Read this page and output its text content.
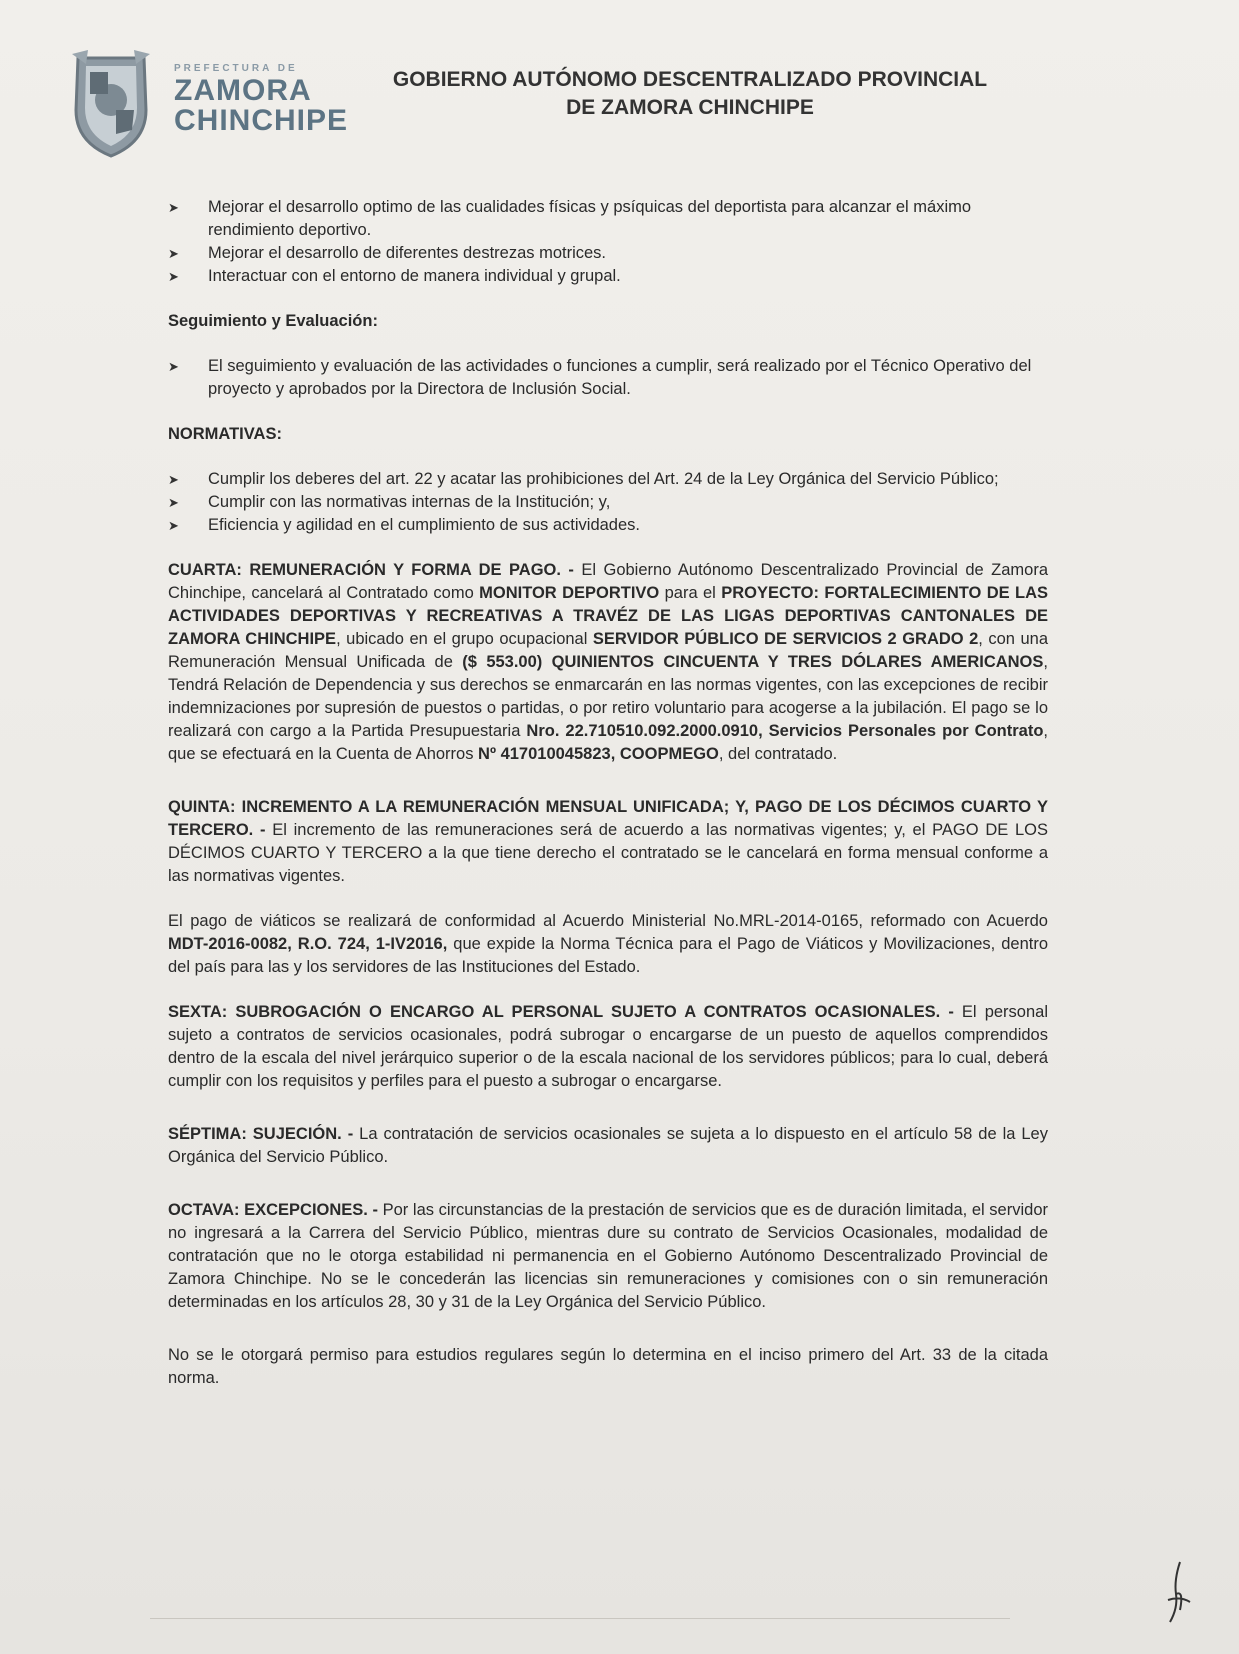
PREFECTURA DE
ZAMORA
CHINCHIPE
GOBIERNO AUTÓNOMO DESCENTRALIZADO PROVINCIAL
DE ZAMORA CHINCHIPE
➤ Mejorar el desarrollo optimo de las cualidades físicas y psíquicas del deportista para alcanzar el máximo rendimiento deportivo.
➤ Mejorar el desarrollo de diferentes destrezas motrices.
➤ Interactuar con el entorno de manera individual y grupal.

Seguimiento y Evaluación:

➤ El seguimiento y evaluación de las actividades o funciones a cumplir, será realizado por el Técnico Operativo del proyecto y aprobados por la Directora de Inclusión Social.

NORMATIVAS:

➤ Cumplir los deberes del art. 22 y acatar las prohibiciones del Art. 24 de la Ley Orgánica del Servicio Público;
➤ Cumplir con las normativas internas de la Institución; y,
➤ Eficiencia y agilidad en el cumplimiento de sus actividades.

CUARTA: REMUNERACIÓN Y FORMA DE PAGO. - El Gobierno Autónomo Descentralizado Provincial de Zamora Chinchipe, cancelará al Contratado como MONITOR DEPORTIVO para el PROYECTO: FORTALECIMIENTO DE LAS ACTIVIDADES DEPORTIVAS Y RECREATIVAS A TRAVÉZ DE LAS LIGAS DEPORTIVAS CANTONALES DE ZAMORA CHINCHIPE, ubicado en el grupo ocupacional SERVIDOR PÚBLICO DE SERVICIOS 2 GRADO 2, con una Remuneración Mensual Unificada de ($ 553.00) QUINIENTOS CINCUENTA Y TRES DÓLARES AMERICANOS, Tendrá Relación de Dependencia y sus derechos se enmarcarán en las normas vigentes, con las excepciones de recibir indemnizaciones por supresión de puestos o partidas, o por retiro voluntario para acogerse a la jubilación. El pago se lo realizará con cargo a la Partida Presupuestaria Nro. 22.710510.092.2000.0910, Servicios Personales por Contrato, que se efectuará en la Cuenta de Ahorros Nº 417010045823, COOPMEGO, del contratado.

QUINTA: INCREMENTO A LA REMUNERACIÓN MENSUAL UNIFICADA; Y, PAGO DE LOS DÉCIMOS CUARTO Y TERCERO. - El incremento de las remuneraciones será de acuerdo a las normativas vigentes; y, el PAGO DE LOS DÉCIMOS CUARTO Y TERCERO a la que tiene derecho el contratado se le cancelará en forma mensual conforme a las normativas vigentes.

El pago de viáticos se realizará de conformidad al Acuerdo Ministerial No.MRL-2014-0165, reformado con Acuerdo MDT-2016-0082, R.O. 724, 1-IV2016, que expide la Norma Técnica para el Pago de Viáticos y Movilizaciones, dentro del país para las y los servidores de las Instituciones del Estado.

SEXTA: SUBROGACIÓN O ENCARGO AL PERSONAL SUJETO A CONTRATOS OCASIONALES. - El personal sujeto a contratos de servicios ocasionales, podrá subrogar o encargarse de un puesto de aquellos comprendidos dentro de la escala del nivel jerárquico superior o de la escala nacional de los servidores públicos; para lo cual, deberá cumplir con los requisitos y perfiles para el puesto a subrogar o encargarse.

SÉPTIMA: SUJECIÓN. - La contratación de servicios ocasionales se sujeta a lo dispuesto en el artículo 58 de la Ley Orgánica del Servicio Público.

OCTAVA: EXCEPCIONES. - Por las circunstancias de la prestación de servicios que es de duración limitada, el servidor no ingresará a la Carrera del Servicio Público, mientras dure su contrato de Servicios Ocasionales, modalidad de contratación que no le otorga estabilidad ni permanencia en el Gobierno Autónomo Descentralizado Provincial de Zamora Chinchipe. No se le concederán las licencias sin remuneraciones y comisiones con o sin remuneración determinadas en los artículos 28, 30 y 31 de la Ley Orgánica del Servicio Público.

No se le otorgará permiso para estudios regulares según lo determina en el inciso primero del Art. 33 de la citada norma.
